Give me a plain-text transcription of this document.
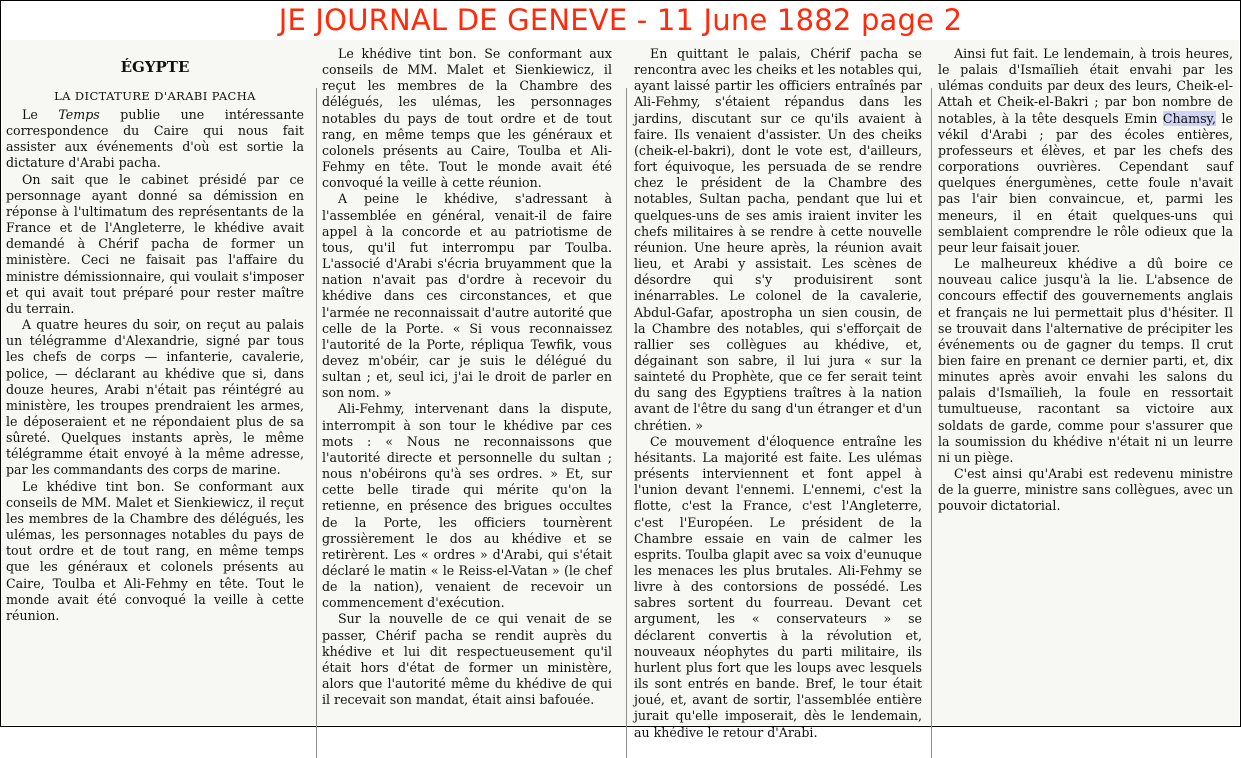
JE JOURNAL DE GENEVE - 11 June 1882 page 2
ÉGYPTE
LA DICTATURE D'ARABI PACHA

Le Temps publie une intéressante correspondence du Caire qui nous fait assister aux événements d'où est sortie la dictature d'Arabi pacha.

On sait que le cabinet présidé par ce personnage ayant donné sa démission en réponse à l'ultimatum des représentants de la France et de l'Angleterre, le khédive avait demandé à Chérif pacha de former un ministère. Ceci ne faisait pas l'affaire du ministre démissionnaire, qui voulait s'imposer et qui avait tout préparé pour rester maître du terrain.

A quatre heures du soir, on reçut au palais un télégramme d'Alexandrie, signé par tous les chefs de corps — infanterie, cavalerie, police, — déclarant au khédive que si, dans douze heures, Arabi n'était pas réintégré au ministère, les troupes prendraient les armes, le déposeraient et ne répondaient plus de sa sûreté. Quelques instants après, le même télégramme était envoyé à la même adresse, par les commandants des corps de marine.

Le khédive tint bon. Se conformant aux conseils de MM. Malet et Sienkiewicz, il reçut les membres de la Chambre des délégués, les ulémas, les personnages notables du pays de tout ordre et de tout rang, en même temps que les généraux et colonels présents au Caire, Toulba et Ali-Fehmy en tête. Tout le monde avait été convoqué la veille à cette réunion.

Le khédive tint bon. Se conformant aux conseils de MM. Malet et Sienkiewicz, il reçut les membres de la Chambre des délégués, les ulémas, les personnages notables du pays de tout ordre et de tout rang, en même temps que les généraux et colonels présents au Caire, Toulba et Ali-Fehmy en tête. Tout le monde avait été convoqué la veille à cette réunion.

A peine le khédive, s'adressant à l'assemblée en général, venait-il de faire appel à la concorde et au patriotisme de tous, qu'il fut interrompu par Toulba. L'associé d'Arabi s'écria bruyamment que la nation n'avait pas d'ordre à recevoir du khédive dans ces circonstances, et que l'armée ne reconnaissait d'autre autorité que celle de la Porte. « Si vous reconnaissez l'autorité de la Porte, répliqua Tewfik, vous devez m'obéir, car je suis le délégué du sultan ; et, seul ici, j'ai le droit de parler en son nom. »

Ali-Fehmy, intervenant dans la dispute, interrompit à son tour le khédive par ces mots : « Nous ne reconnaissons que l'autorité directe et personnelle du sultan ; nous n'obéirons qu'à ses ordres. » Et, sur cette belle tirade qui mérite qu'on la retienne, en présence des brigues occultes de la Porte, les officiers tournèrent grossièrement le dos au khédive et se retirèrent. Les « ordres » d'Arabi, qui s'était déclaré le matin « le Reiss-el-Vatan » (le chef de la nation), venaient de recevoir un commencement d'exécution.

Sur la nouvelle de ce qui venait de se passer, Chérif pacha se rendit auprès du khédive et lui dit respectueusement qu'il était hors d'état de former un ministère, alors que l'autorité même du khédive de qui il recevait son mandat, était ainsi bafouée.

En quittant le palais, Chérif pacha se rencontra avec les cheiks et les notables qui, ayant laissé partir les officiers entraînés par Ali-Fehmy, s'étaient répandus dans les jardins, discutant sur ce qu'ils avaient à faire. Ils venaient d'assister. Un des cheiks (cheik-el-bakri), dont le vote est, d'ailleurs, fort équivoque, les persuada de se rendre chez le président de la Chambre des notables, Sultan pacha, pendant que lui et quelques-uns de ses amis iraient inviter les chefs militaires à se rendre à cette nouvelle réunion. Une heure après, la réunion avait lieu, et Arabi y assistait. Les scènes de désordre qui s'y produisirent sont inénarrables. Le colonel de la cavalerie, Abdul-Gafar, apostropha un sien cousin, de la Chambre des notables, qui s'efforçait de rallier ses collègues au khédive, et, dégainant son sabre, il lui jura « sur la sainteté du Prophète, que ce fer serait teint du sang des Egyptiens traîtres à la nation avant de l'être du sang d'un étranger et d'un chrétien. »

Ce mouvement d'éloquence entraîne les hésitants. La majorité est faite. Les ulémas présents interviennent et font appel à l'union devant l'ennemi. L'ennemi, c'est la flotte, c'est la France, c'est l'Angleterre, c'est l'Européen. Le président de la Chambre essaie en vain de calmer les esprits. Toulba glapit avec sa voix d'eunuque les menaces les plus brutales. Ali-Fehmy se livre à des contorsions de possédé. Les sabres sortent du fourreau. Devant cet argument, les « conservateurs » se déclarent convertis à la révolution et, nouveaux néophytes du parti militaire, ils hurlent plus fort que les loups avec lesquels ils sont entrés en bande. Bref, le tour était joué, et, avant de sortir, l'assemblée entière jurait qu'elle imposerait, dès le lendemain, au khédive le retour d'Arabi.

Ainsi fut fait. Le lendemain, à trois heures, le palais d'Ismaïlieh était envahi par les ulémas conduits par deux des leurs, Cheik-el-Attah et Cheik-el-Bakri ; par bon nombre de notables, à la tête desquels Emin Chamsy, le vékil d'Arabi ; par des écoles entières, professeurs et élèves, et par les chefs des corporations ouvrières. Cependant sauf quelques énergumènes, cette foule n'avait pas l'air bien convaincue, et, parmi les meneurs, il en était quelques-uns qui semblaient comprendre le rôle odieux que la peur leur faisait jouer.

Le malheureux khédive a dû boire ce nouveau calice jusqu'à la lie. L'absence de concours effectif des gouvernements anglais et français ne lui permettait plus d'hésiter. Il se trouvait dans l'alternative de précipiter les événements ou de gagner du temps. Il crut bien faire en prenant ce dernier parti, et, dix minutes après avoir envahi les salons du palais d'Ismaïlieh, la foule en ressortait tumultueuse, racontant sa victoire aux soldats de garde, comme pour s'assurer que la soumission du khédive n'était ni un leurre ni un piège.

C'est ainsi qu'Arabi est redevenu ministre de la guerre, ministre sans collègues, avec un pouvoir dictatorial.
